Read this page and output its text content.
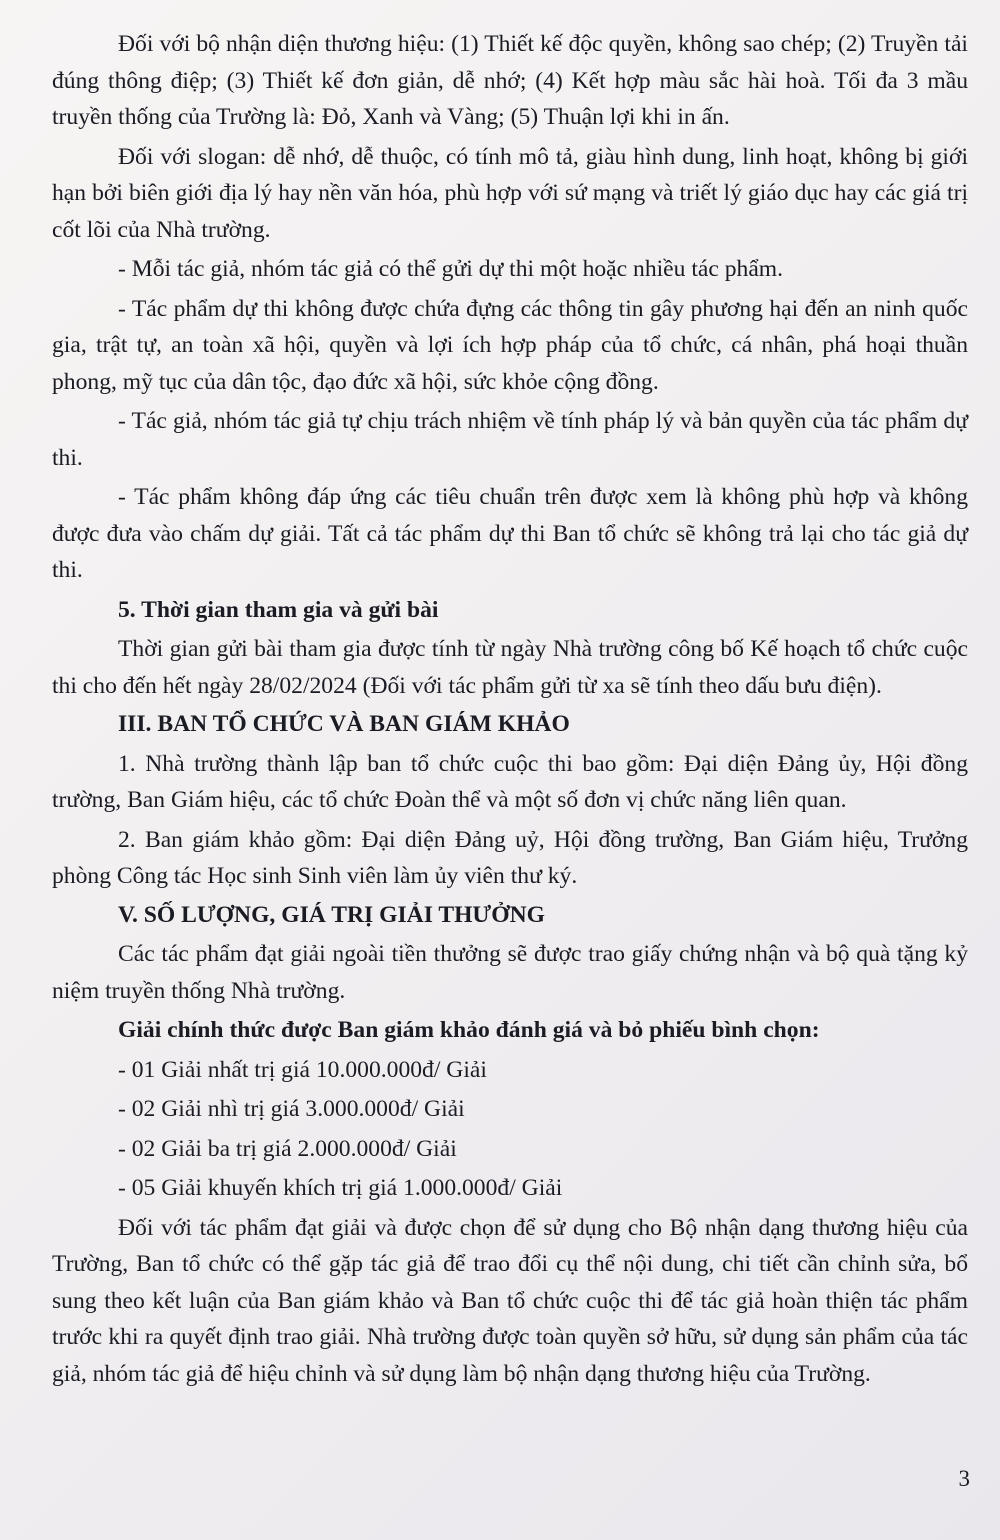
Đối với bộ nhận diện thương hiệu: (1) Thiết kế độc quyền, không sao chép; (2) Truyền tải đúng thông điệp; (3) Thiết kế đơn giản, dễ nhớ; (4) Kết hợp màu sắc hài hoà. Tối đa 3 mầu truyền thống của Trường là: Đỏ, Xanh và Vàng; (5) Thuận lợi khi in ấn.

Đối với slogan: dễ nhớ, dễ thuộc, có tính mô tả, giàu hình dung, linh hoạt, không bị giới hạn bởi biên giới địa lý hay nền văn hóa, phù hợp với sứ mạng và triết lý giáo dục hay các giá trị cốt lõi của Nhà trường.

- Mỗi tác giả, nhóm tác giả có thể gửi dự thi một hoặc nhiều tác phẩm.

- Tác phẩm dự thi không được chứa đựng các thông tin gây phương hại đến an ninh quốc gia, trật tự, an toàn xã hội, quyền và lợi ích hợp pháp của tổ chức, cá nhân, phá hoại thuần phong, mỹ tục của dân tộc, đạo đức xã hội, sức khỏe cộng đồng.

- Tác giả, nhóm tác giả tự chịu trách nhiệm về tính pháp lý và bản quyền của tác phẩm dự thi.

- Tác phẩm không đáp ứng các tiêu chuẩn trên được xem là không phù hợp và không được đưa vào chấm dự giải. Tất cả tác phẩm dự thi Ban tổ chức sẽ không trả lại cho tác giả dự thi.

5. Thời gian tham gia và gửi bài

Thời gian gửi bài tham gia được tính từ ngày Nhà trường công bố Kế hoạch tổ chức cuộc thi cho đến hết ngày 28/02/2024 (Đối với tác phẩm gửi từ xa sẽ tính theo dấu bưu điện).

III. BAN TỔ CHỨC VÀ BAN GIÁM KHẢO

1. Nhà trường thành lập ban tổ chức cuộc thi bao gồm: Đại diện Đảng ủy, Hội đồng trường, Ban Giám hiệu, các tổ chức Đoàn thể và một số đơn vị chức năng liên quan.

2. Ban giám khảo gồm: Đại diện Đảng uỷ, Hội đồng trường, Ban Giám hiệu, Trưởng phòng Công tác Học sinh Sinh viên làm ủy viên thư ký.

V. SỐ LƯỢNG, GIÁ TRỊ GIẢI THƯỞNG

Các tác phẩm đạt giải ngoài tiền thưởng sẽ được trao giấy chứng nhận và bộ quà tặng kỷ niệm truyền thống Nhà trường.

Giải chính thức được Ban giám khảo đánh giá và bỏ phiếu bình chọn:

- 01 Giải nhất trị giá 10.000.000đ/ Giải

- 02 Giải nhì trị giá 3.000.000đ/ Giải

- 02 Giải ba trị giá 2.000.000đ/ Giải

- 05 Giải khuyến khích trị giá 1.000.000đ/ Giải

Đối với tác phẩm đạt giải và được chọn để sử dụng cho Bộ nhận dạng thương hiệu của Trường, Ban tổ chức có thể gặp tác giả để trao đổi cụ thể nội dung, chi tiết cần chỉnh sửa, bổ sung theo kết luận của Ban giám khảo và Ban tổ chức cuộc thi để tác giả hoàn thiện tác phẩm trước khi ra quyết định trao giải. Nhà trường được toàn quyền sở hữu, sử dụng sản phẩm của tác giả, nhóm tác giả để hiệu chỉnh và sử dụng làm bộ nhận dạng thương hiệu của Trường.

3
